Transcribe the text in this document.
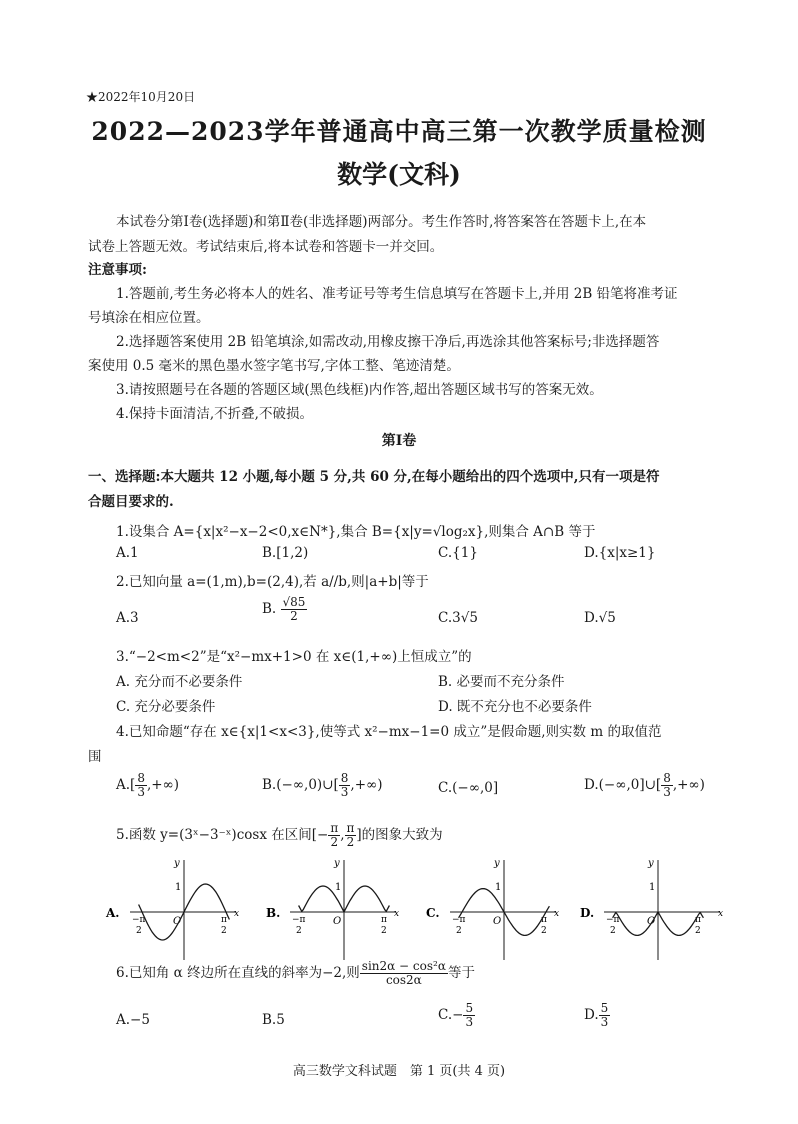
★2022年10月20日
2022—2023学年普通高中高三第一次教学质量检测
数学(文科)
本试卷分第Ⅰ卷(选择题)和第Ⅱ卷(非选择题)两部分。考生作答时,将答案答在答题卡上,在本
试卷上答题无效。考试结束后,将本试卷和答题卡一并交回。
注意事项:
1.答题前,考生务必将本人的姓名、准考证号等考生信息填写在答题卡上,并用 2B 铅笔将准考证
号填涂在相应位置。
2.选择题答案使用 2B 铅笔填涂,如需改动,用橡皮擦干净后,再选涂其他答案标号;非选择题答
案使用 0.5 毫米的黑色墨水签字笔书写,字体工整、笔迹清楚。
3.请按照题号在各题的答题区域(黑色线框)内作答,超出答题区域书写的答案无效。
4.保持卡面清洁,不折叠,不破损。
第Ⅰ卷
一、选择题:本大题共 12 小题,每小题 5 分,共 60 分,在每小题给出的四个选项中,只有一项是符
合题目要求的.
1.设集合 A={x|x²−x−2<0,x∈N*},集合 B={x|y=√log₂x},则集合 A∩B 等于
A.1	B.[1,2)	C.{1}	D.{x|x≥1}
2.已知向量 a=(1,m),b=(2,4),若 a//b,则|a+b|等于
A.3
B. $\frac{√85}{2}$	C.3√5	D.√5
3.“−2<m<2”是“x²−mx+1>0 在 x∈(1,+∞)上恒成立”的
A. 充分而不必要条件	B. 必要而不充分条件
C. 充分必要条件	D. 既不充分也不必要条件
4.已知命题“存在 x∈{x|1<x<3},使等式 x²−mx−1=0 成立”是假命题,则实数 m 的取值范
围
$A.[ \frac{8}{3}$ ,+∞)	B.(−∞,0)∪[ $\frac{8}{3}$ ,+∞)	C.(−∞,0]	D.(−∞,0]∪[ $\frac{8}{3}$ ,+∞)
5.函数 y=(3ˣ−3⁻ˣ)cosx 在区间[− $\frac{\pi}{2}$ , $\frac{\pi}{2}$ ]的图象大致为
A.
y
x
O
1
−π
2
π
2
B.
y
x
O
1
−π
2
π
2
C.
y
x
O
1
−π
2
π
2
D.
y
x
O
1
−π
2
π
2
6.已知角 α 终边所在直线的斜率为−2,则 $\frac{\text{sin2α − cos²α}}{\cos 2\alpha}$ 等于
A.−5	B.5	$C.- \frac{5}{3}$	D. $\frac{5}{3}$
高三数学文科试题　第 1 页(共 4 页)
